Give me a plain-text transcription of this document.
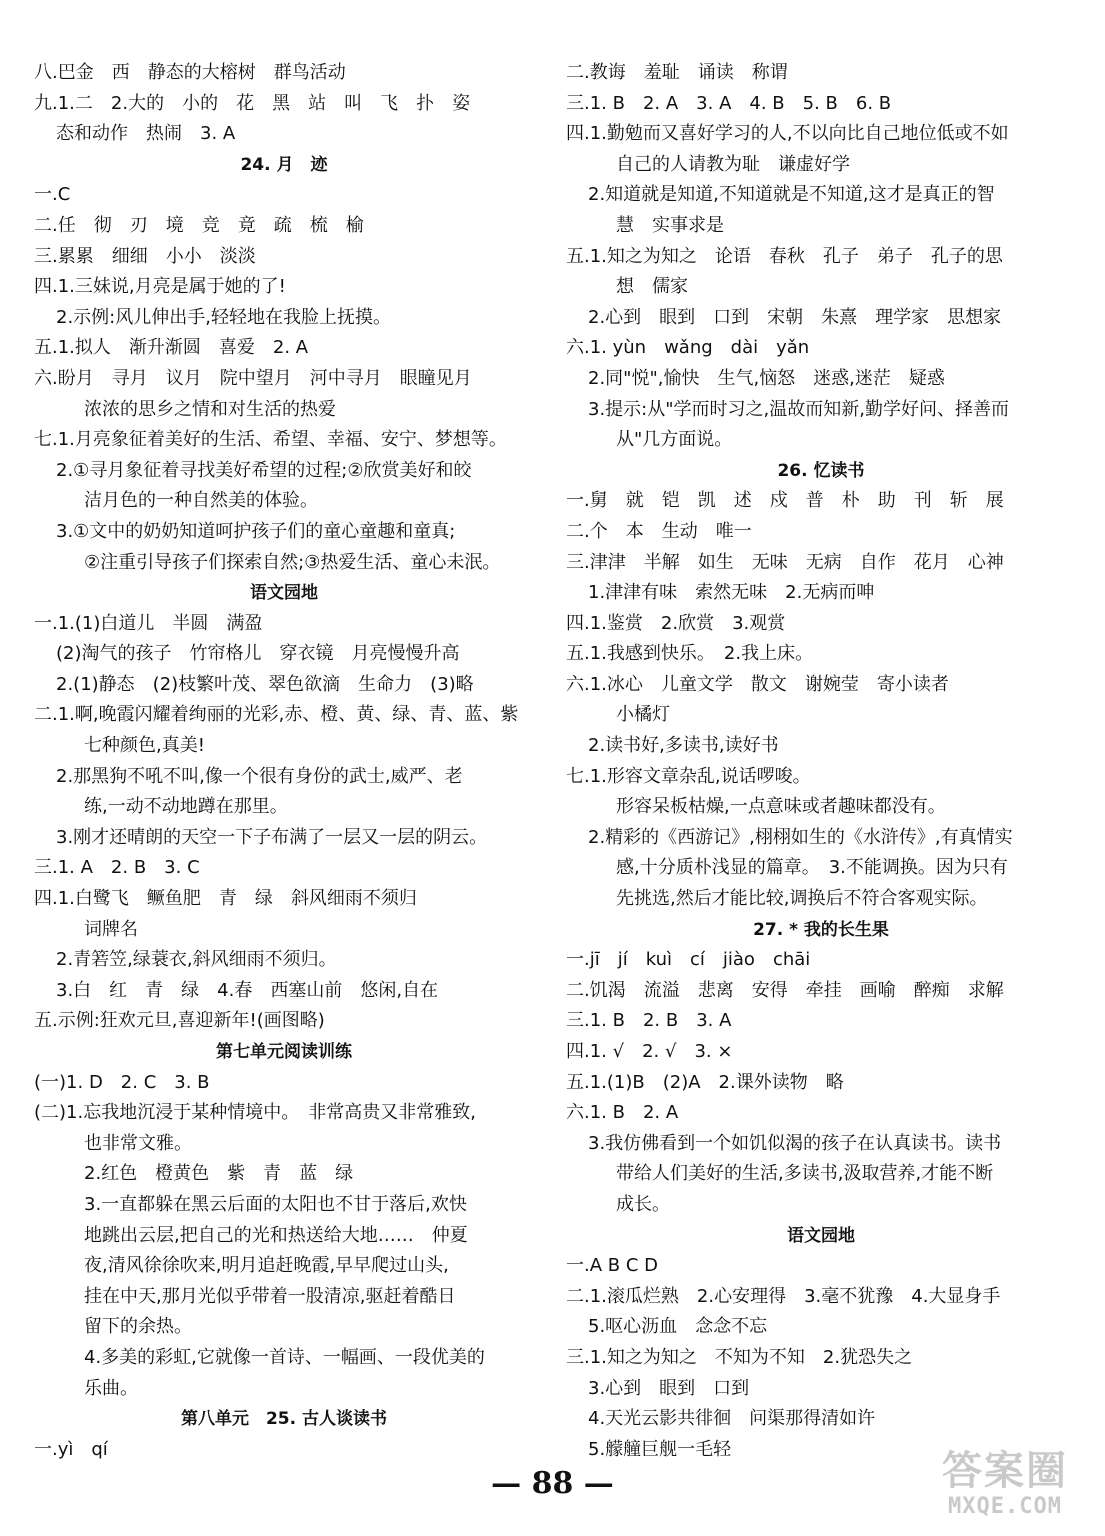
八.巴金　西　静态的大榕树　群鸟活动
九.1.二　2.大的　小的　花　黑　站　叫　飞　扑　姿
态和动作　热闹　3. A
24. 月　迹
一.C
二.任　彻　刃　境　竞　竟　疏　梳　榆
三.累累　细细　小小　淡淡
四.1.三妹说,月亮是属于她的了!
2.示例:风儿伸出手,轻轻地在我脸上抚摸。
五.1.拟人　渐升渐圆　喜爱　2. A
六.盼月　寻月　议月　院中望月　河中寻月　眼瞳见月
浓浓的思乡之情和对生活的热爱
七.1.月亮象征着美好的生活、希望、幸福、安宁、梦想等。
2.①寻月象征着寻找美好希望的过程;②欣赏美好和皎
洁月色的一种自然美的体验。
3.①文中的奶奶知道呵护孩子们的童心童趣和童真;
②注重引导孩子们探索自然;③热爱生活、童心未泯。
语文园地
一.1.(1)白道儿　半圆　满盈
(2)淘气的孩子　竹帘格儿　穿衣镜　月亮慢慢升高
2.(1)静态　(2)枝繁叶茂、翠色欲滴　生命力　(3)略
二.1.啊,晚霞闪耀着绚丽的光彩,赤、橙、黄、绿、青、蓝、紫
七种颜色,真美!
2.那黑狗不吼不叫,像一个很有身份的武士,威严、老
练,一动不动地蹲在那里。
3.刚才还晴朗的天空一下子布满了一层又一层的阴云。
三.1. A　2. B　3. C
四.1.白鹭飞　鳜鱼肥　青　绿　斜风细雨不须归
词牌名
2.青箬笠,绿蓑衣,斜风细雨不须归。
3.白　红　青　绿　4.春　西塞山前　悠闲,自在
五.示例:狂欢元旦,喜迎新年!(画图略)
第七单元阅读训练
(一)1. D　2. C　3. B
(二)1.忘我地沉浸于某种情境中。　非常高贵又非常雅致,
也非常文雅。
2.红色　橙黄色　紫　青　蓝　绿
3.一直都躲在黑云后面的太阳也不甘于落后,欢快
地跳出云层,把自己的光和热送给大地……　仲夏
夜,清风徐徐吹来,明月追赶晚霞,早早爬过山头,
挂在中天,那月光似乎带着一股清凉,驱赶着酷日
留下的余热。
4.多美的彩虹,它就像一首诗、一幅画、一段优美的
乐曲。
第八单元　25. 古人谈读书
一.yì　qí
二.教诲　羞耻　诵读　称谓
三.1. B　2. A　3. A　4. B　5. B　6. B
四.1.勤勉而又喜好学习的人,不以向比自己地位低或不如
自己的人请教为耻　谦虚好学
2.知道就是知道,不知道就是不知道,这才是真正的智
慧　实事求是
五.1.知之为知之　论语　春秋　孔子　弟子　孔子的思
想　儒家
2.心到　眼到　口到　宋朝　朱熹　理学家　思想家
六.1. yùn　wǎng　dài　yǎn
2.同"悦",愉快　生气,恼怒　迷惑,迷茫　疑惑
3.提示:从"学而时习之,温故而知新,勤学好问、择善而
从"几方面说。
26. 忆读书
一.舅　就　铠　凯　述　戍　普　朴　助　刊　斩　展
二.个　本　生动　唯一
三.津津　半解　如生　无味　无病　自作　花月　心神
1.津津有味　索然无味　2.无病而呻
四.1.鉴赏　2.欣赏　3.观赏
五.1.我感到快乐。　2.我上床。
六.1.冰心　儿童文学　散文　谢婉莹　寄小读者
小橘灯
2.读书好,多读书,读好书
七.1.形容文章杂乱,说话啰唆。
形容呆板枯燥,一点意味或者趣味都没有。
2.精彩的《西游记》,栩栩如生的《水浒传》,有真情实
感,十分质朴浅显的篇章。　3.不能调换。因为只有
先挑选,然后才能比较,调换后不符合客观实际。
27. * 我的长生果
一.jī　jí　kuì　cí　jiào　chāi
二.饥渴　流溢　悲离　安得　牵挂　画喻　醉痴　求解
三.1. B　2. B　3. A
四.1. √　2. √　3. ×
五.1.(1)B　(2)A　2.课外读物　略
六.1. B　2. A
3.我仿佛看到一个如饥似渴的孩子在认真读书。读书
带给人们美好的生活,多读书,汲取营养,才能不断
成长。
语文园地
一.A B C D
二.1.滚瓜烂熟　2.心安理得　3.毫不犹豫　4.大显身手
5.呕心沥血　念念不忘
三.1.知之为知之　不知为不知　2.犹恐失之
3.心到　眼到　口到
4.天光云影共徘徊　问渠那得清如许
5.艨艟巨舰一毛轻
— 88 —	答案圈
MXQE.COM
